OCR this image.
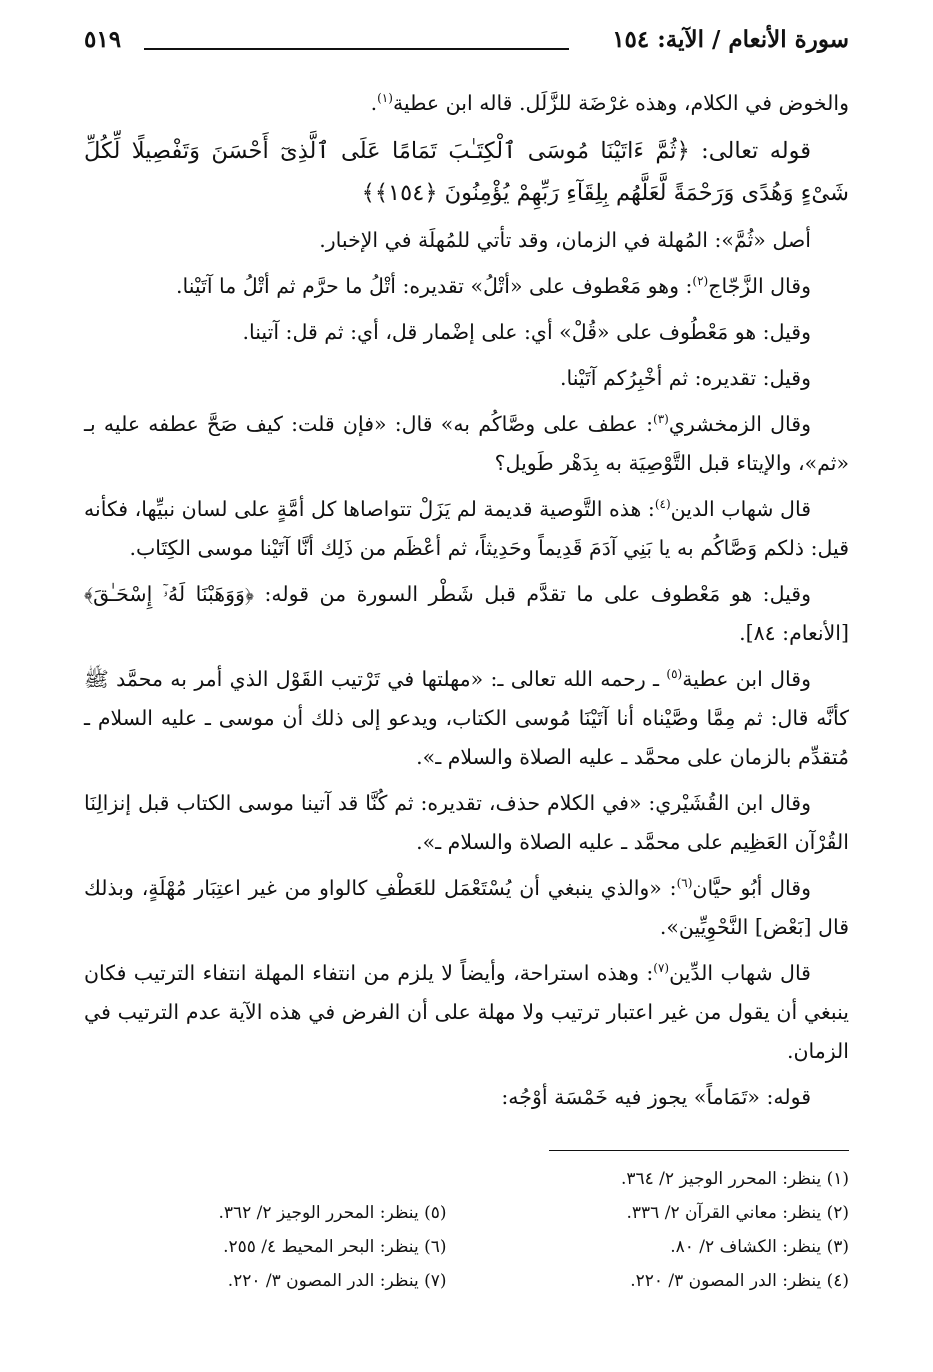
سورة الأنعام / الآية: ١٥٤
٥١٩

والخوض في الكلام، وهذه غرْضَة للزَّلَل. قاله ابن عطية$^{(١)}$.

قوله تعالى: ﴿ثُمَّ ءَاتَيْنَا مُوسَى ٱلْكِتَـٰبَ تَمَامًا عَلَى ٱلَّذِىٓ أَحْسَنَ وَتَفْصِيلًا لِّكُلِّ شَىْءٍ وَهُدًى وَرَحْمَةً لَّعَلَّهُم بِلِقَآءِ رَبِّهِمْ يُؤْمِنُونَ ﴿١٥٤﴾﴾

أصل «ثُمَّ»: المُهلة في الزمان، وقد تأتي للمُهلَة في الإخبار.

وقال الزَّجّاج$^{(٢)}$: وهو مَعْطوف على «أتْلُ» تقديره: أتْلُ ما حرَّم ثم أتْلُ ما آتَيْنا.

وقيل: هو مَعْطُوف على «قُلْ» أي: على إضْمار قل، أي: ثم قل: آتينا.

وقيل: تقديره: ثم أخْبِرُكم آتَيْنا.

وقال الزمخشري$^{(٣)}$: عطف على وصَّاكُم به» قال: «فإن قلت: كيف صَحَّ عطفه عليه بـ «ثم»، والإيتاء قبل التَّوْصِيَة به بِدَهْر طَويل؟

قال شهاب الدين$^{(٤)}$: هذه التَّوصية قديمة لم يَزَلْ تتواصاها كل أمَّةٍ على لسان نبيِّها، فكأنه قيل: ذلكم وَصَّاكُم به يا بَنِي آدَمَ قَدِيماً وحَدِيثاً، ثم أعْظَم من ذَلِك أنَّا آتَيْنا موسى الكِتَاب.

وقيل: هو مَعْطوف على ما تقدَّم قبل شَطْر السورة من قوله: ﴿وَوَهَبْنَا لَهُۥٓ إِسْحَـٰقَ﴾ [الأنعام: ٨٤].

وقال ابن عطية$^{(٥)}$ ـ رحمه الله تعالى ـ: «مهلتها في تَرْتيب القَوْل الذي أمر به محمَّد ﷺ كأنَّه قال: ثم مِمَّا وصَّيْناه أنا آتَيْنَا مُوسى الكتاب، ويدعو إلى ذلك أن موسى ـ عليه السلام ـ مُتقدِّم بالزمان على محمَّد ـ عليه الصلاة والسلام ـ».

وقال ابن القُشَيْري: «في الكلام حذف، تقديره: ثم كُنَّا قد آتينا موسى الكتاب قبل إنزالِنَا القُرْآن العَظِيم على محمَّد ـ عليه الصلاة والسلام ـ».

وقال أبُو حيَّان$^{(٦)}$: «والذي ينبغي أن يُسْتَعْمَل للعَطْفِ كالواو من غير اعتِبَار مُهْلَةٍ، وبذلك قال [بَعْض] النَّحْوِيِّين».

قال شهاب الدِّين$^{(٧)}$: وهذه استراحة، وأيضاً لا يلزم من انتفاء المهلة انتفاء الترتيب فكان ينبغي أن يقول من غير اعتبار ترتيب ولا مهلة على أن الفرض في هذه الآية عدم الترتيب في الزمان.

قوله: «تَمَاماً» يجوز فيه خَمْسَة أوْجُه:

(١) ينظر: المحرر الوجيز ٢/ ٣٦٤.
(٢) ينظر: معاني القرآن ٢/ ٣٣٦.
(٣) ينظر: الكشاف ٢/ ٨٠.
(٤) ينظر: الدر المصون ٣/ ٢٢٠.
(٥) ينظر: المحرر الوجيز ٢/ ٣٦٢.
(٦) ينظر: البحر المحيط ٤/ ٢٥٥.
(٧) ينظر: الدر المصون ٣/ ٢٢٠.
